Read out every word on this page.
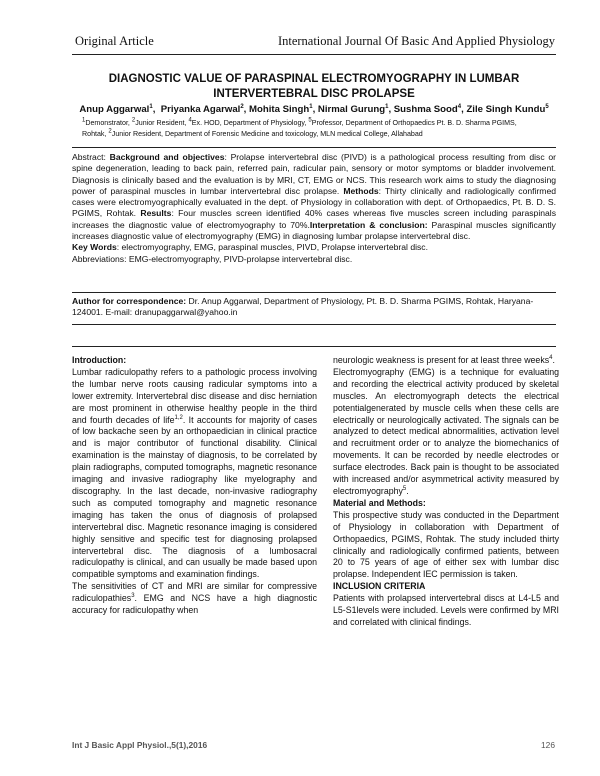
Original Article	International Journal Of Basic And Applied Physiology
DIAGNOSTIC VALUE OF PARASPINAL ELECTROMYOGRAPHY IN LUMBAR INTERVERTEBRAL DISC PROLAPSE
Anup Aggarwal$^1$,  Priyanka Agarwal$^2$, Mohita Singh$^1$, Nirmal Gurung$^1$, Sushma Sood$^4$, Zile Singh Kundu$^5$
$^1$Demonstrator, $^2$Junior Resident, $^4$Ex. HOD, Department of Physiology, $^5$Professor, Department of Orthopaedics Pt. B. D. Sharma PGIMS,
Rohtak, $^2$Junior Resident, Department of Forensic Medicine and toxicology, MLN medical College, Allahabad

Abstract: Background and objectives: Prolapse intervertebral disc (PIVD) is a pathological process resulting from disc or spine degeneration, leading to back pain, referred pain, radicular pain, sensory or motor symptoms or bladder involvement. Diagnosis is clinically based and the evaluation is by MRI, CT, EMG or NCS. This research work aims to study the diagnosing power of paraspinal muscles in lumbar intervertebral disc prolapse. Methods: Thirty clinically and radiologically confirmed cases were electromyographically evaluated in the dept. of Physiology in collaboration with dept. of Orthopaedics, Pt. B. D. S. PGIMS, Rohtak. Results: Four muscles screen identified 40% cases whereas five muscles screen including paraspinals increases the diagnostic value of electromyography to 70%.Interpretation & conclusion: Paraspinal muscles significantly increases diagnostic value of electromyography (EMG) in diagnosing lumbar prolapse intervertebral disc.

Key Words: electromyography, EMG, paraspinal muscles, PIVD, Prolapse intervertebral disc.

Abbreviations: EMG-electromyography, PIVD-prolapse intervertebral disc.

Author for correspondence: Dr. Anup Aggarwal, Department of Physiology, Pt. B. D. Sharma PGIMS, Rohtak, Haryana- 124001. E-mail: dranupaggarwal@yahoo.in

Introduction:

Lumbar radiculopathy refers to a pathologic process involving the lumbar nerve roots causing radicular symptoms into a lower extremity. Intervertebral disc disease and disc herniation are most prominent in otherwise healthy people in the third and fourth decades of life$^{1,2}$. It accounts for majority of cases of low backache seen by an orthopaedician in clinical practice and is major contributor of functional disability. Clinical examination is the mainstay of diagnosis, to be correlated by plain radiographs, computed tomographs, magnetic resonance imaging and invasive radiography like myelography and discography. In the last decade, non-invasive radiography such as computed tomography and magnetic resonance imaging has taken the onus of diagnosis of prolapsed intervertebral disc. Magnetic resonance imaging is considered highly sensitive and specific test for diagnosing prolapsed intervertebral disc. The diagnosis of a lumbosacral radiculopathy is clinical, and can usually be made based upon compatible symptoms and examination findings.

The sensitivities of CT and MRI are similar for compressive radiculopathies$^3$. EMG and NCS have a high diagnostic accuracy for radiculopathy when

neurologic weakness is present for at least three weeks$^4$.

Electromyography (EMG) is a technique for evaluating and recording the electrical activity produced by skeletal muscles. An electromyograph detects the electrical potentialgenerated by muscle cells when these cells are electrically or neurologically activated. The signals can be analyzed to detect medical abnormalities, activation level and recruitment order or to analyze the biomechanics of movements. It can be recorded by needle electrodes or surface electrodes. Back pain is thought to be associated with increased and/or asymmetrical activity measured by electromyography$^5$.

Material and Methods:

This prospective study was conducted in the Department of Physiology in collaboration with Department of Orthopaedics, PGIMS, Rohtak. The study included thirty clinically and radiologically confirmed patients, between 20 to 75 years of age of either sex with lumbar disc prolapse. Independent IEC permission is taken.

INCLUSION CRITERIA

Patients with prolapsed intervertebral discs at L4-L5 and L5-S1levels were included. Levels were confirmed by MRI and correlated with clinical findings.

Int J Basic Appl Physiol.,5(1),2016	126
